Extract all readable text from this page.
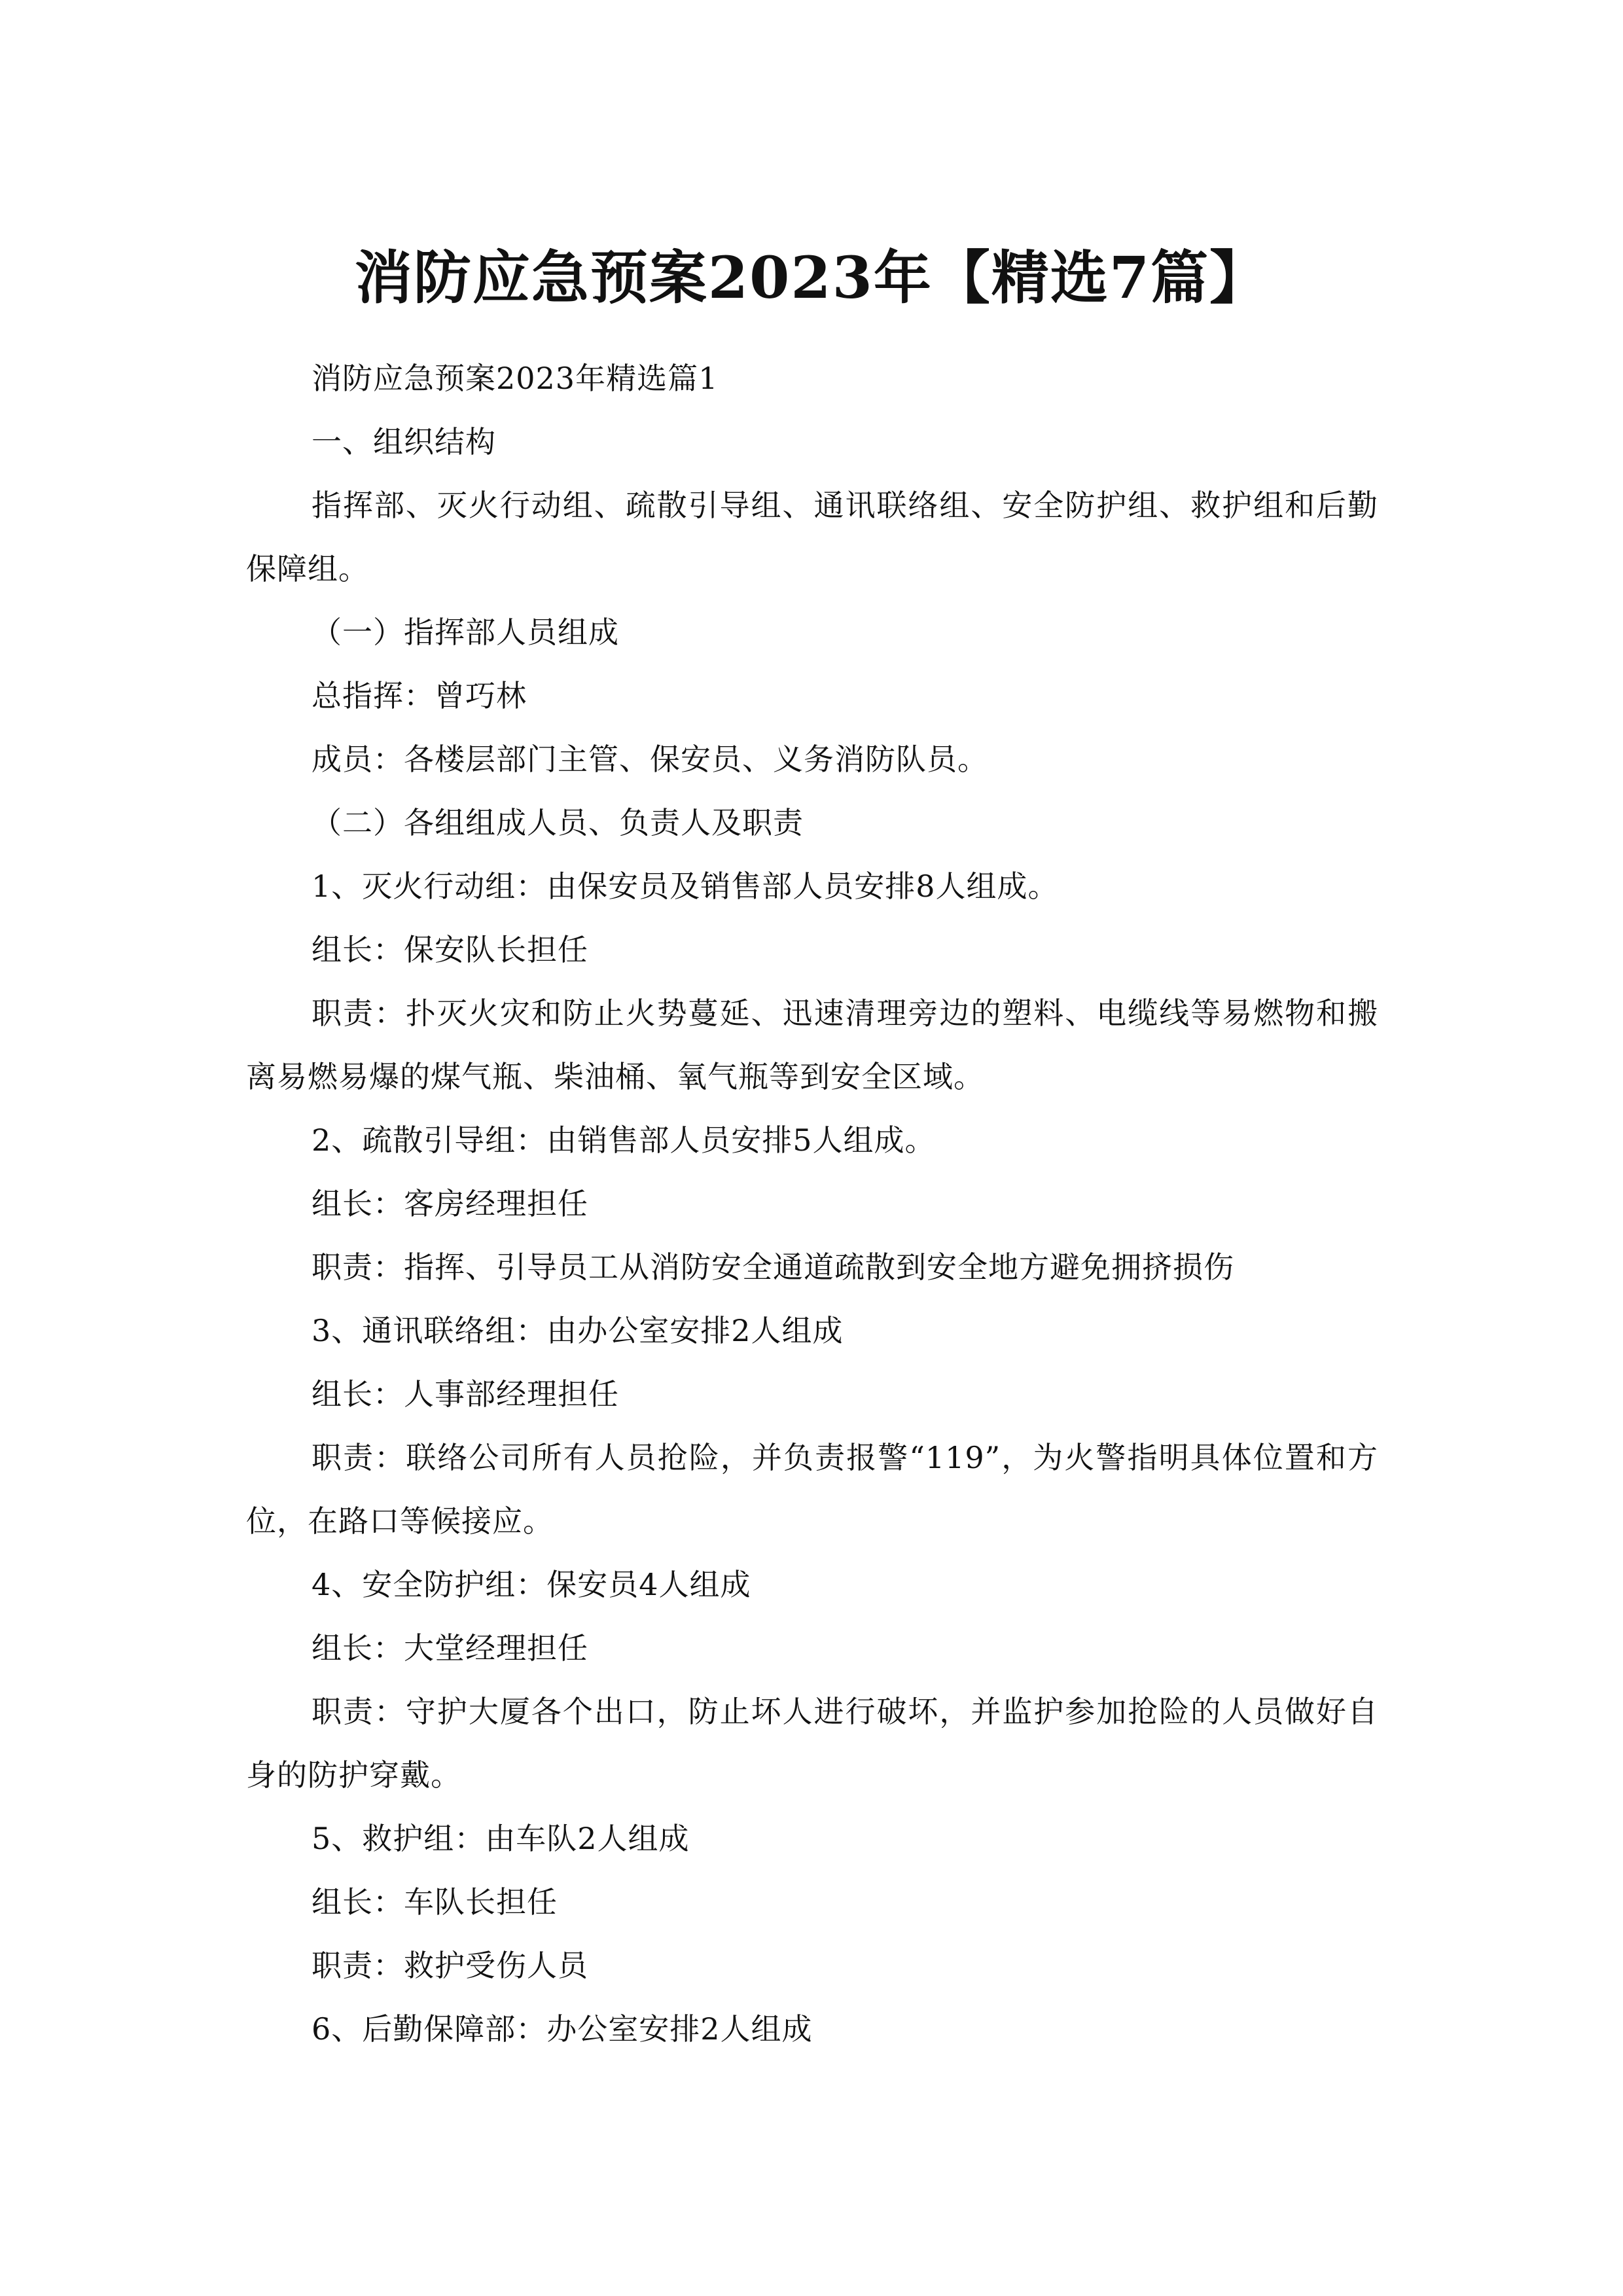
消防应急预案2023年【精选7篇】

消防应急预案2023年精选篇1

一、组织结构

指挥部、灭火行动组、疏散引导组、通讯联络组、安全防护组、救护组和后勤保障组。

（一）指挥部人员组成

总指挥：曾巧林

成员：各楼层部门主管、保安员、义务消防队员。

（二）各组组成人员、负责人及职责

1、灭火行动组：由保安员及销售部人员安排8人组成。

组长：保安队长担任

职责：扑灭火灾和防止火势蔓延、迅速清理旁边的塑料、电缆线等易燃物和搬离易燃易爆的煤气瓶、柴油桶、氧气瓶等到安全区域。

2、疏散引导组：由销售部人员安排5人组成。

组长：客房经理担任

职责：指挥、引导员工从消防安全通道疏散到安全地方避免拥挤损伤

3、通讯联络组：由办公室安排2人组成

组长：人事部经理担任

职责：联络公司所有人员抢险，并负责报警“119”，为火警指明具体位置和方位，在路口等候接应。

4、安全防护组：保安员4人组成

组长：大堂经理担任

职责：守护大厦各个出口，防止坏人进行破坏，并监护参加抢险的人员做好自身的防护穿戴。

5、救护组：由车队2人组成

组长：车队长担任

职责：救护受伤人员

6、后勤保障部：办公室安排2人组成
